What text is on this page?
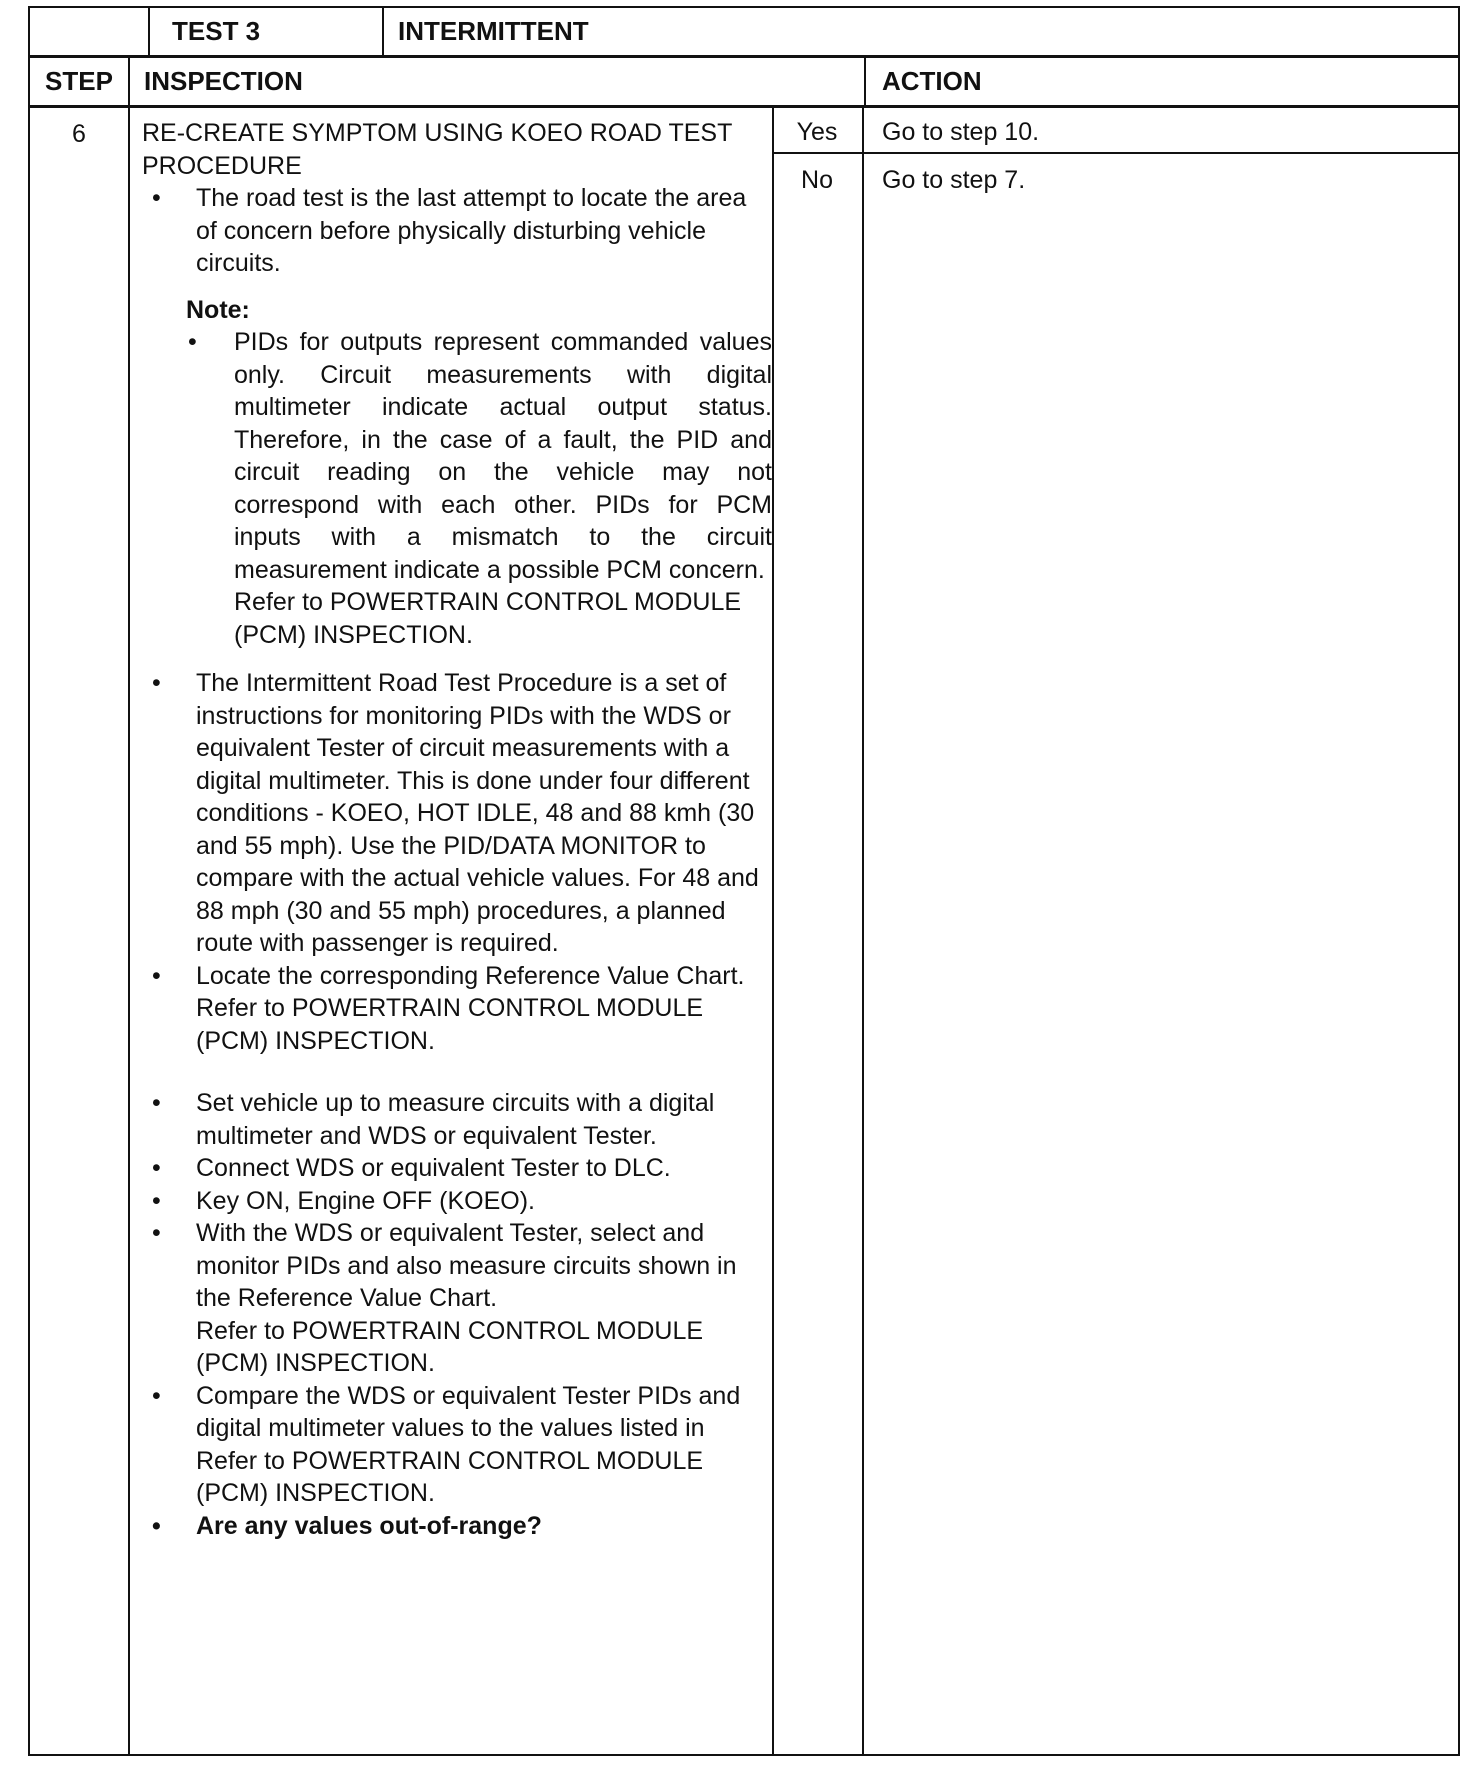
TEST 3	INTERMITTENT
STEP	INSPECTION	ACTION
6	RE-CREATE SYMPTOM USING KOEO ROAD TEST PROCEDURE

• The road test is the last attempt to locate the area of concern before physically disturbing vehicle circuits.

Note:

• PIDs for outputs represent commanded values only. Circuit measurements with digital multimeter indicate actual output status. Therefore, in the case of a fault, the PID and circuit reading on the vehicle may not correspond with each other. PIDs for PCM inputs with a mismatch to the circuit measurement indicate a possible PCM concern.

Refer to POWERTRAIN CONTROL MODULE (PCM) INSPECTION.

• The Intermittent Road Test Procedure is a set of instructions for monitoring PIDs with the WDS or equivalent Tester of circuit measurements with a digital multimeter. This is done under four different conditions - KOEO, HOT IDLE, 48 and 88 kmh (30 and 55 mph). Use the PID/DATA MONITOR to compare with the actual vehicle values. For 48 and 88 mph (30 and 55 mph) procedures, a planned route with passenger is required.

• Locate the corresponding Reference Value Chart.
Refer to POWERTRAIN CONTROL MODULE (PCM) INSPECTION.

• Set vehicle up to measure circuits with a digital multimeter and WDS or equivalent Tester.

• Connect WDS or equivalent Tester to DLC.

• Key ON, Engine OFF (KOEO).

• With the WDS or equivalent Tester, select and monitor PIDs and also measure circuits shown in the Reference Value Chart.
Refer to POWERTRAIN CONTROL MODULE (PCM) INSPECTION.

• Compare the WDS or equivalent Tester PIDs and digital multimeter values to the values listed in
Refer to POWERTRAIN CONTROL MODULE (PCM) INSPECTION.

• Are any values out-of-range?

Yes	Go to step 10.
No	Go to step 7.
